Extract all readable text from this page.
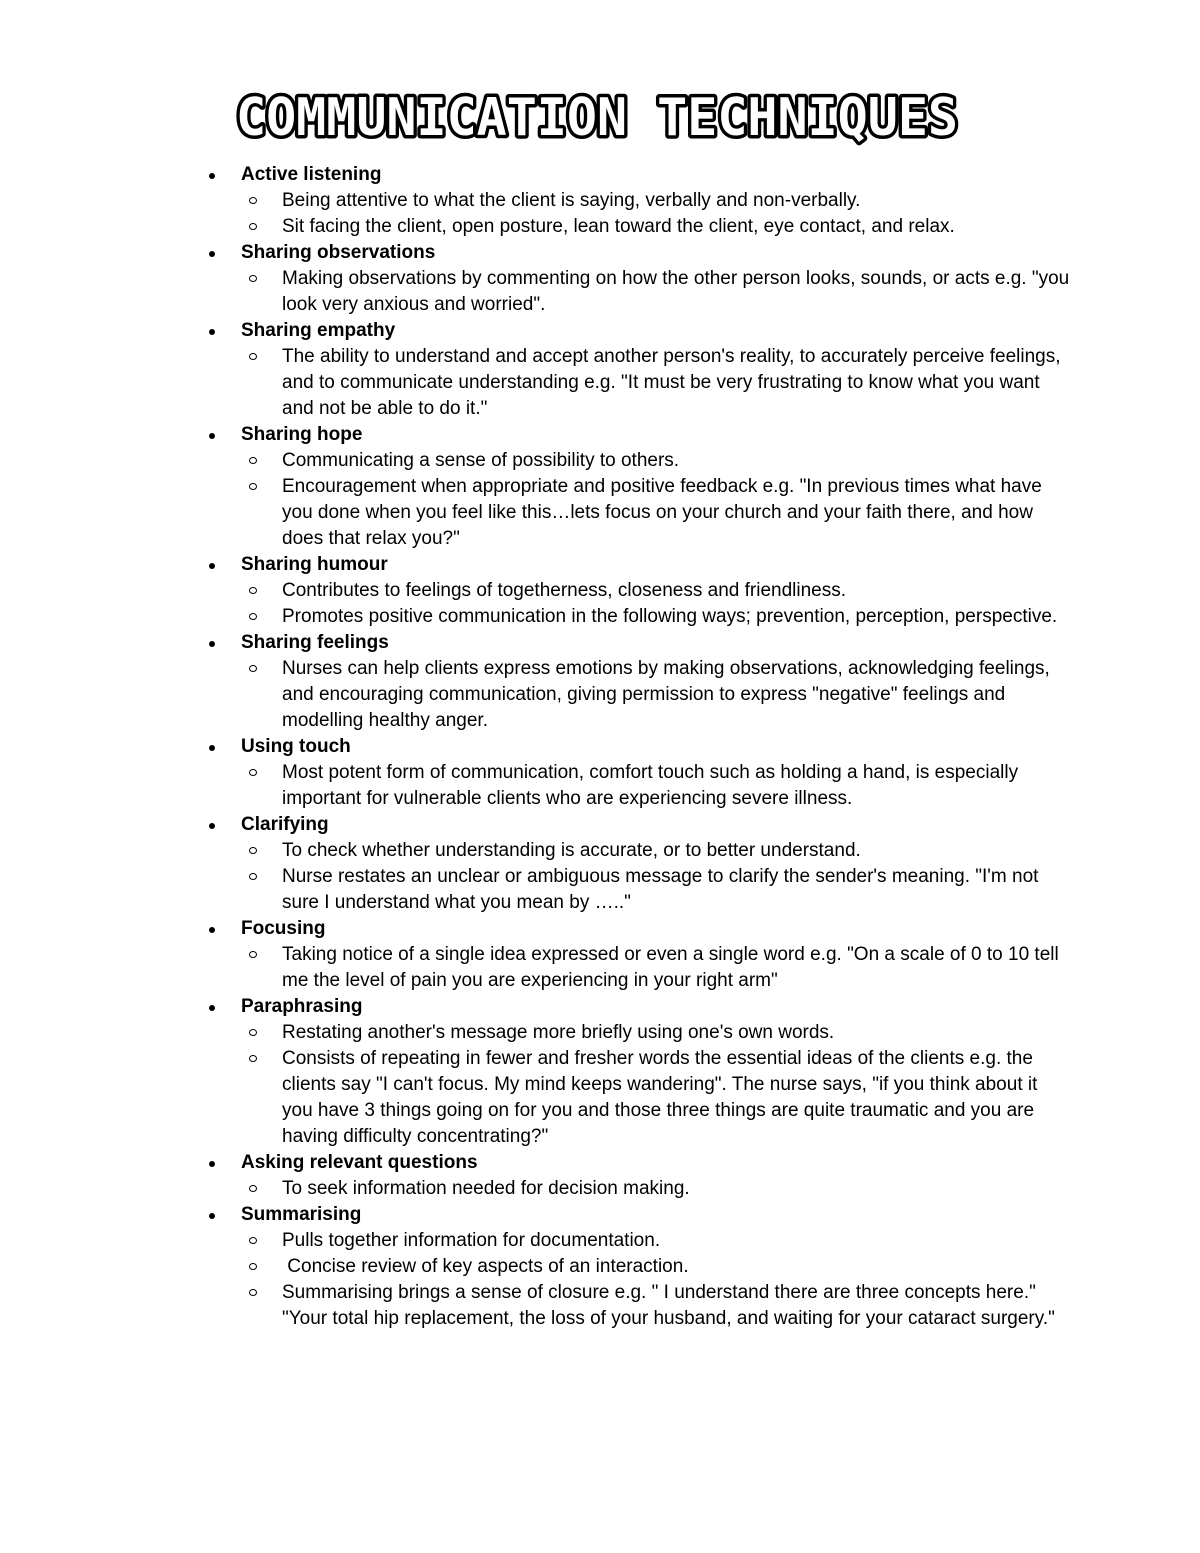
COMMUNICATION TECHNIQUES
Active listening
Being attentive to what the client is saying, verbally and non-verbally.
Sit facing the client, open posture, lean toward the client, eye contact, and relax.
Sharing observations
Making observations by commenting on how the other person looks, sounds, or acts e.g. "you look very anxious and worried".
Sharing empathy
The ability to understand and accept another person's reality, to accurately perceive feelings, and to communicate understanding e.g. "It must be very frustrating to know what you want and not be able to do it."
Sharing hope
Communicating a sense of possibility to others.
Encouragement when appropriate and positive feedback e.g. "In previous times what have you done when you feel like this…lets focus on your church and your faith there, and how does that relax you?"
Sharing humour
Contributes to feelings of togetherness, closeness and friendliness.
Promotes positive communication in the following ways; prevention, perception, perspective.
Sharing feelings
Nurses can help clients express emotions by making observations, acknowledging feelings, and encouraging communication, giving permission to express "negative" feelings and modelling healthy anger.
Using touch
Most potent form of communication, comfort touch such as holding a hand, is especially important for vulnerable clients who are experiencing severe illness.
Clarifying
To check whether understanding is accurate, or to better understand.
Nurse restates an unclear or ambiguous message to clarify the sender's meaning. "I'm not sure I understand what you mean by ….."
Focusing
Taking notice of a single idea expressed or even a single word e.g. "On a scale of 0 to 10 tell me the level of pain you are experiencing in your right arm"
Paraphrasing
Restating another's message more briefly using one's own words.
Consists of repeating in fewer and fresher words the essential ideas of the clients e.g. the clients say "I can't focus. My mind keeps wandering". The nurse says, "if you think about it you have 3 things going on for you and those three things are quite traumatic and you are having difficulty concentrating?"
Asking relevant questions
To seek information needed for decision making.
Summarising
Pulls together information for documentation.
Concise review of key aspects of an interaction.
Summarising brings a sense of closure e.g. " I understand there are three concepts here." "Your total hip replacement, the loss of your husband, and waiting for your cataract surgery."
